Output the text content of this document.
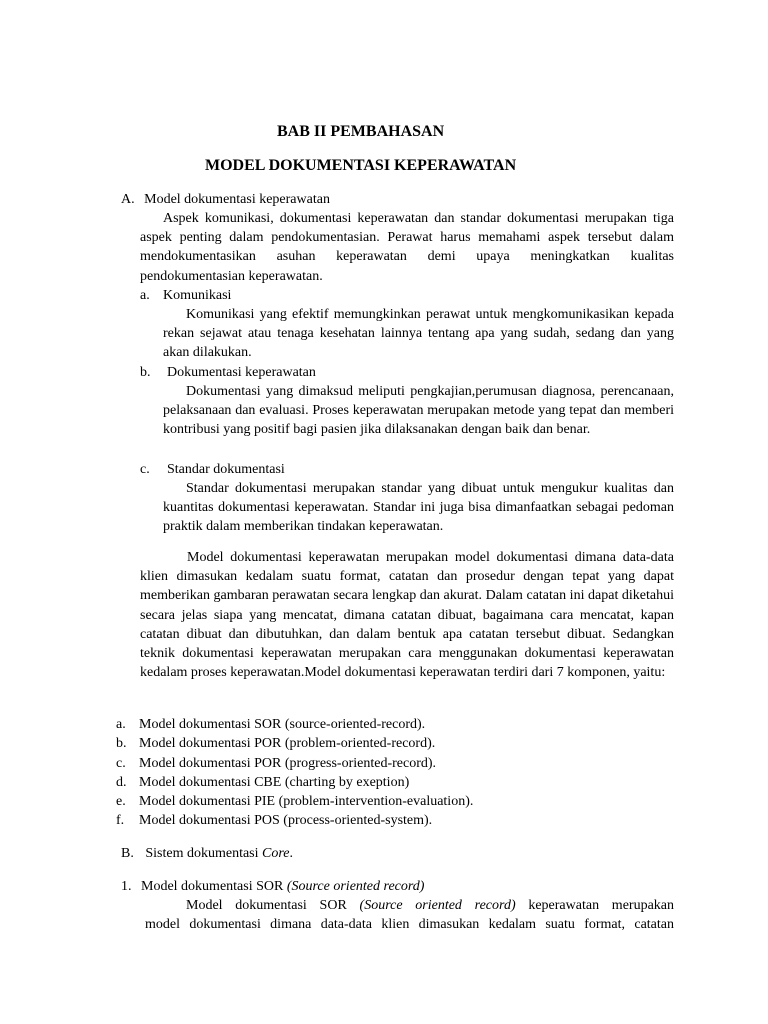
BAB II PEMBAHASAN
MODEL DOKUMENTASI KEPERAWATAN
A. Model dokumentasi keperawatan

Aspek komunikasi, dokumentasi keperawatan dan standar dokumentasi merupakan tiga aspek penting dalam pendokumentasian. Perawat harus memahami aspek tersebut dalam mendokumentasikan asuhan keperawatan demi upaya meningkatkan kualitas pendokumentasian keperawatan.

a. Komunikasi

Komunikasi yang efektif memungkinkan perawat untuk mengkomunikasikan kepada rekan sejawat atau tenaga kesehatan lainnya tentang apa yang sudah, sedang dan yang akan dilakukan.

b. Dokumentasi keperawatan

Dokumentasi yang dimaksud meliputi pengkajian,perumusan diagnosa, perencanaan, pelaksanaan dan evaluasi. Proses keperawatan merupakan metode yang tepat dan memberi kontribusi yang positif bagi pasien jika dilaksanakan dengan baik dan benar.

c. Standar dokumentasi

Standar dokumentasi merupakan standar yang dibuat untuk mengukur kualitas dan kuantitas dokumentasi keperawatan. Standar ini juga bisa dimanfaatkan sebagai pedoman praktik dalam memberikan tindakan keperawatan.

Model dokumentasi keperawatan merupakan model dokumentasi dimana data-data klien dimasukan kedalam suatu format, catatan dan prosedur dengan tepat yang dapat memberikan gambaran perawatan secara lengkap dan akurat. Dalam catatan ini dapat diketahui secara jelas siapa yang mencatat, dimana catatan dibuat, bagaimana cara mencatat, kapan catatan dibuat dan dibutuhkan, dan dalam bentuk apa catatan tersebut dibuat. Sedangkan teknik dokumentasi keperawatan merupakan cara menggunakan dokumentasi keperawatan kedalam proses keperawatan.Model dokumentasi keperawatan terdiri dari 7 komponen, yaitu:

a. Model dokumentasi SOR (source-oriented-record).
b. Model dokumentasi POR (problem-oriented-record).
c. Model dokumentasi POR (progress-oriented-record).
d. Model dokumentasi CBE (charting by exeption)
e. Model dokumentasi PIE (problem-intervention-evaluation).
f. Model dokumentasi POS (process-oriented-system).
B. Sistem dokumentasi Core.
1. Model dokumentasi SOR (Source oriented record)
Model dokumentasi SOR (Source oriented record) keperawatan merupakan
model dokumentasi dimana data-data klien dimasukan kedalam suatu format, catatan
